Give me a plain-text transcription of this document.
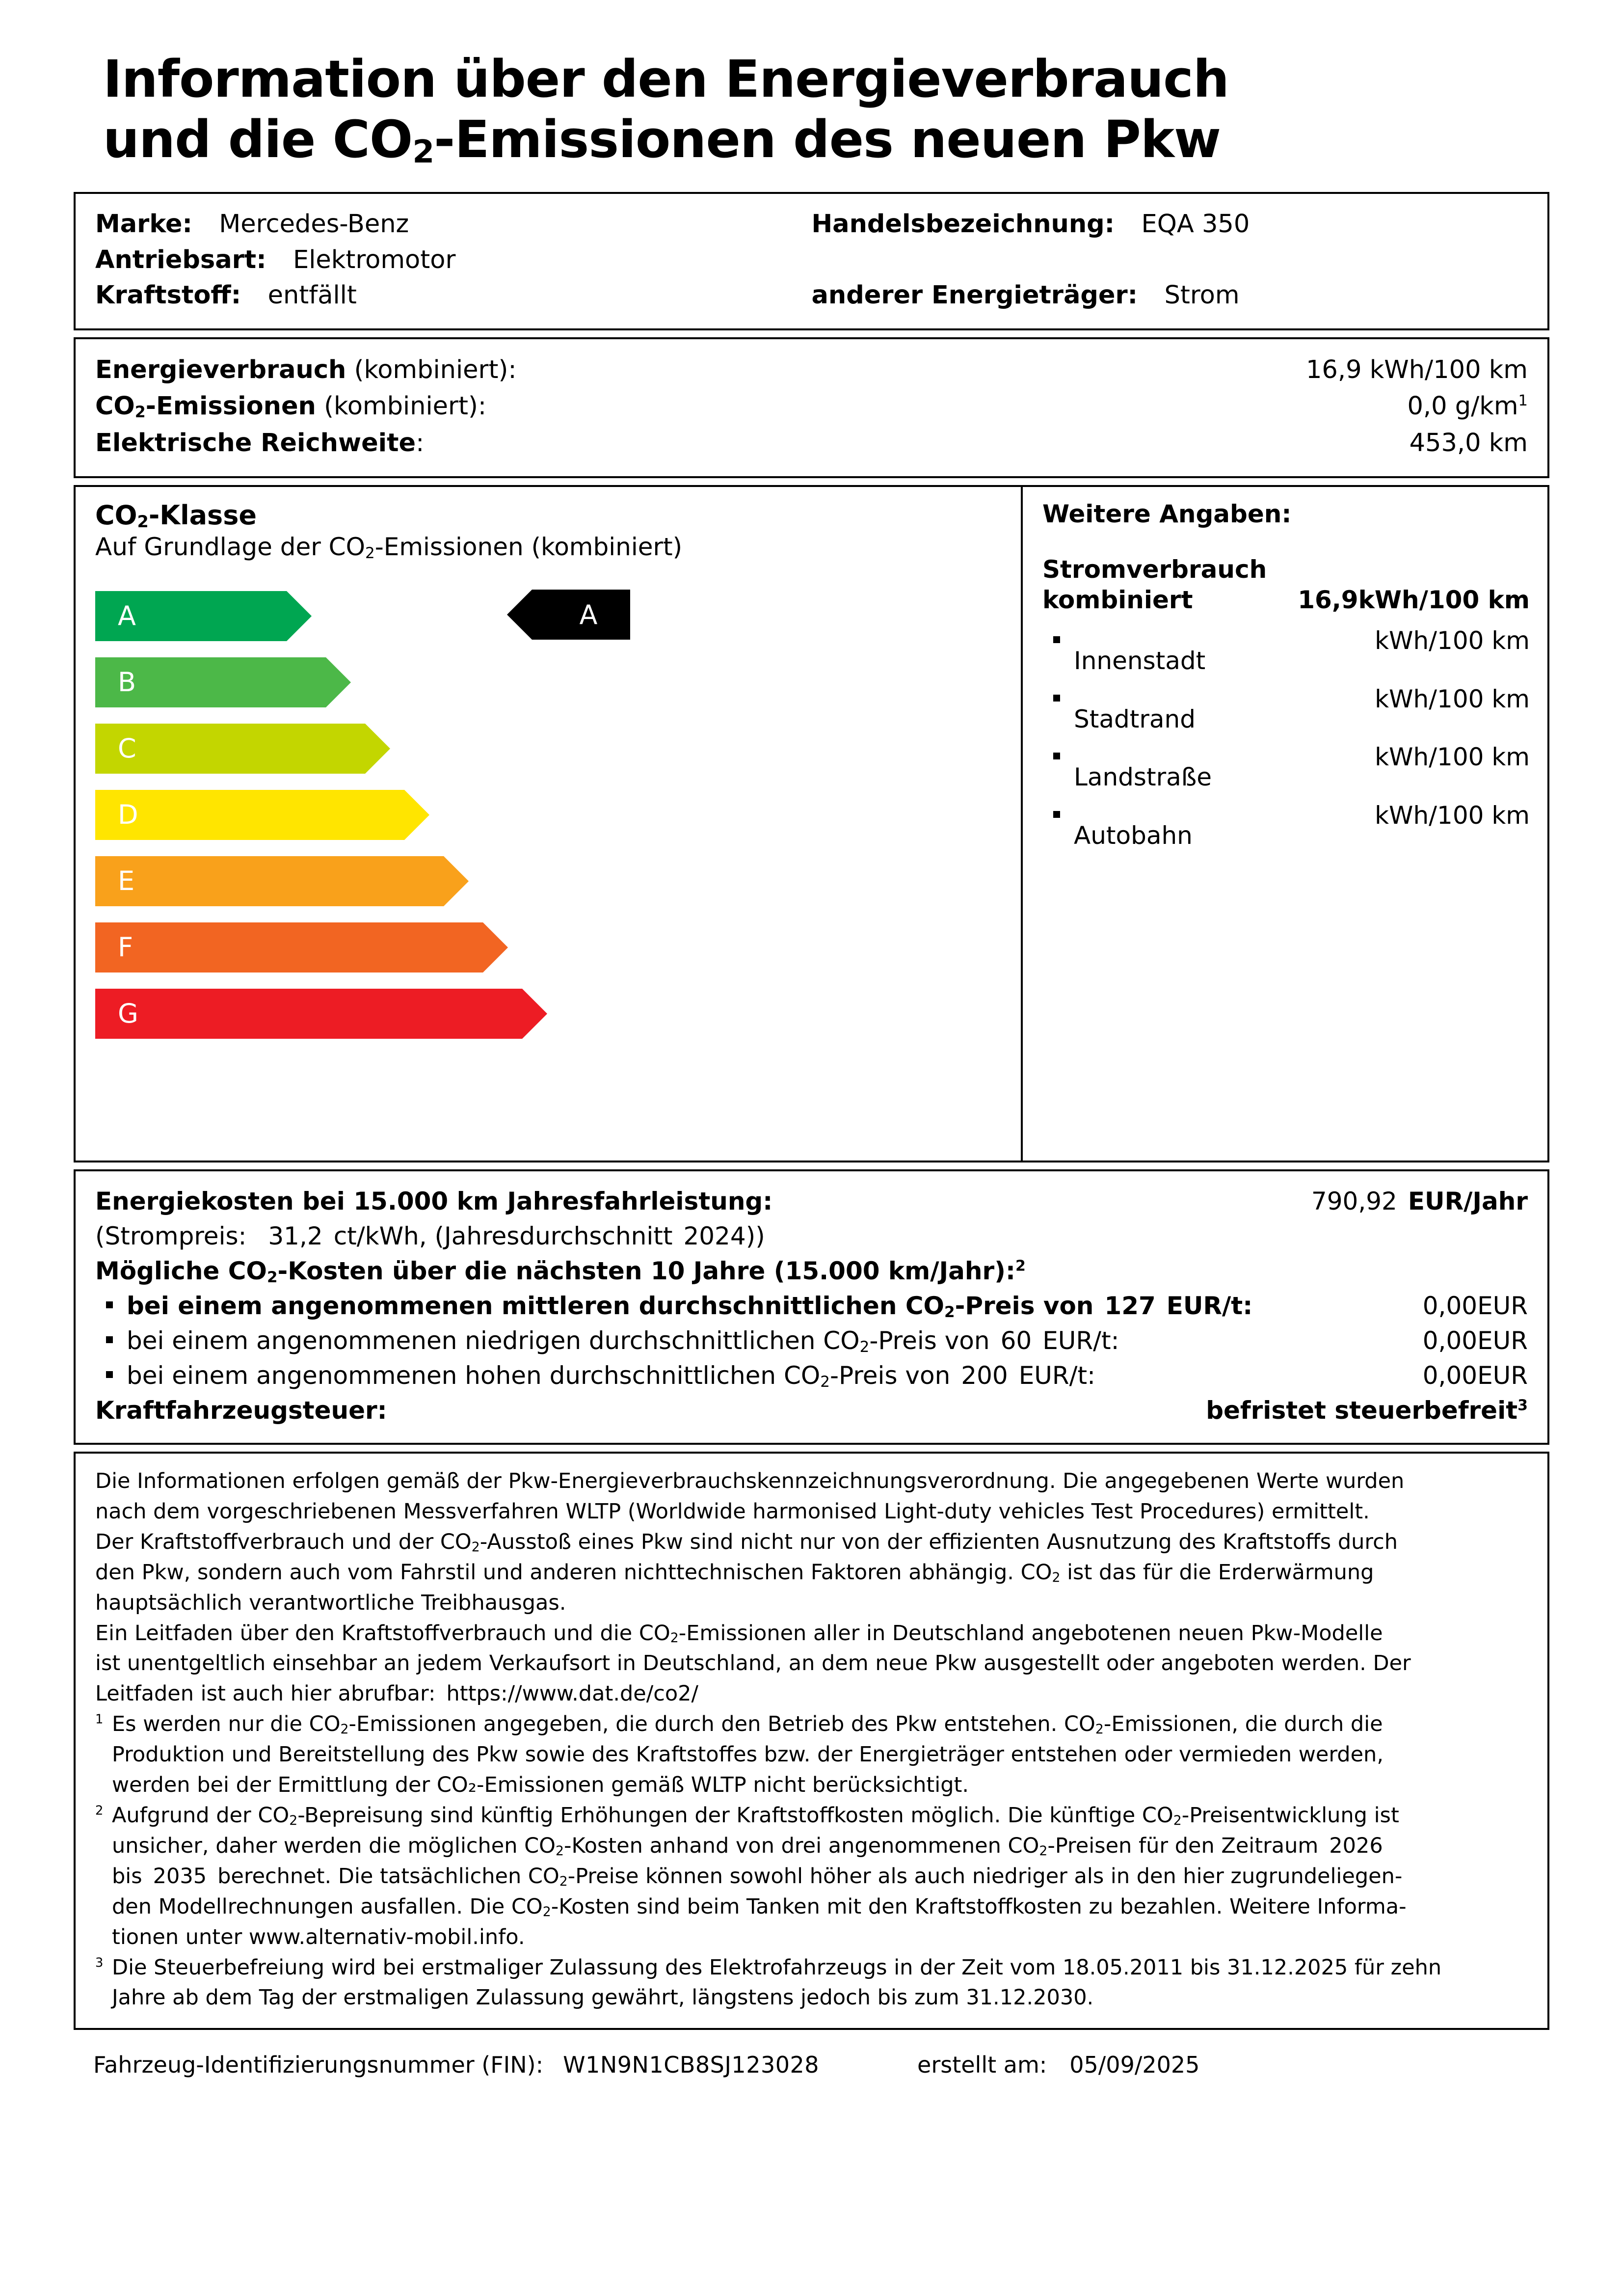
Information über den Energieverbrauch
und die $CO_2$-Emissionen des neuen Pkw
Marke: Mercedes-Benz
Antriebsart: Elektromotor
Kraftstoff: entfällt
Handelsbezeichnung: EQA 350
anderer Energieträger: Strom
Energieverbrauch (kombiniert):	16,9 kWh/100 km
$CO_2$-Emissionen (kombiniert):	0,0 g/km$^1$
Elektrische Reichweite:	453,0 km
$CO_2$-Klasse
Auf Grundlage der $CO_2$-Emissionen (kombiniert)
A	A
B
C
D
E
F
G
Weitere Angaben:
Stromverbrauch
kombiniert	16,9kWh/100 km
Innenstadt
kWh/100 km
Stadtrand
kWh/100 km
Landstraße
kWh/100 km
Autobahn
kWh/100 km
Energiekosten bei 15.000 km Jahresfahrleistung:	790,92 EUR/Jahr
(Strompreis: 31,2 ct/kWh, (Jahresdurchschnitt 2024))
Mögliche $CO_2$-Kosten über die nächsten 10 Jahre (15.000 km/Jahr):$^2$
bei einem angenommenen mittleren durchschnittlichen $CO_2$ -Preis von 127 EUR/t:	0,00EUR
bei einem angenommenen niedrigen durchschnittlichen $CO_2$ -Preis von 60 EUR/t:	0,00EUR
bei einem angenommenen hohen durchschnittlichen $CO_2$ -Preis von 200 EUR/t:	0,00EUR
Kraftfahrzeugsteuer:	befristet steuerbefreit$^3$

Die Informationen erfolgen gemäß der Pkw-Energieverbrauchskennzeichnungsverordnung. Die angegebenen Werte wurden
nach dem vorgeschriebenen Messverfahren WLTP (Worldwide harmonised Light-duty vehicles Test Procedures) ermittelt.
Der Kraftstoffverbrauch und der $CO_2$-Ausstoß eines Pkw sind nicht nur von der effizienten Ausnutzung des Kraftstoffs durch
den Pkw, sondern auch vom Fahrstil und anderen nichttechnischen Faktoren abhängig. $CO_2$ ist das für die Erderwärmung
hauptsächlich verantwortliche Treibhausgas.

Ein Leitfaden über den Kraftstoffverbrauch und die $CO_2$-Emissionen aller in Deutschland angebotenen neuen Pkw-Modelle
ist unentgeltlich einsehbar an jedem Verkaufsort in Deutschland, an dem neue Pkw ausgestellt oder angeboten werden. Der
Leitfaden ist auch hier abrufbar: https://www.dat.de/co2/

$^1$ Es werden nur die $CO_2$-Emissionen angegeben, die durch den Betrieb des Pkw entstehen. $CO_2$-Emissionen, die durch die
Produktion und Bereitstellung des Pkw sowie des Kraftstoffes bzw. der Energieträger entstehen oder vermieden werden,
werden bei der Ermittlung der CO₂-Emissionen gemäß WLTP nicht berücksichtigt.
$^2$ Aufgrund der $CO_2$-Bepreisung sind künftig Erhöhungen der Kraftstoffkosten möglich. Die künftige $CO_2$-Preisentwicklung ist
unsicher, daher werden die möglichen $CO_2$-Kosten anhand von drei angenommenen $CO_2$-Preisen für den Zeitraum 2026
bis 2035 berechnet. Die tatsächlichen $CO_2$-Preise können sowohl höher als auch niedriger als in den hier zugrundeliegen-
den Modellrechnungen ausfallen. Die $CO_2$-Kosten sind beim Tanken mit den Kraftstoffkosten zu bezahlen. Weitere Informa-
tionen unter www.alternativ-mobil.info.
$^3$ Die Steuerbefreiung wird bei erstmaliger Zulassung des Elektrofahrzeugs in der Zeit vom 18.05.2011 bis 31.12.2025 für zehn
Jahre ab dem Tag der erstmaligen Zulassung gewährt, längstens jedoch bis zum 31.12.2030.
Fahrzeug-Identifizierungsnummer (FIN): W1N9N1CB8SJ123028	erstellt am: 05/09/2025
